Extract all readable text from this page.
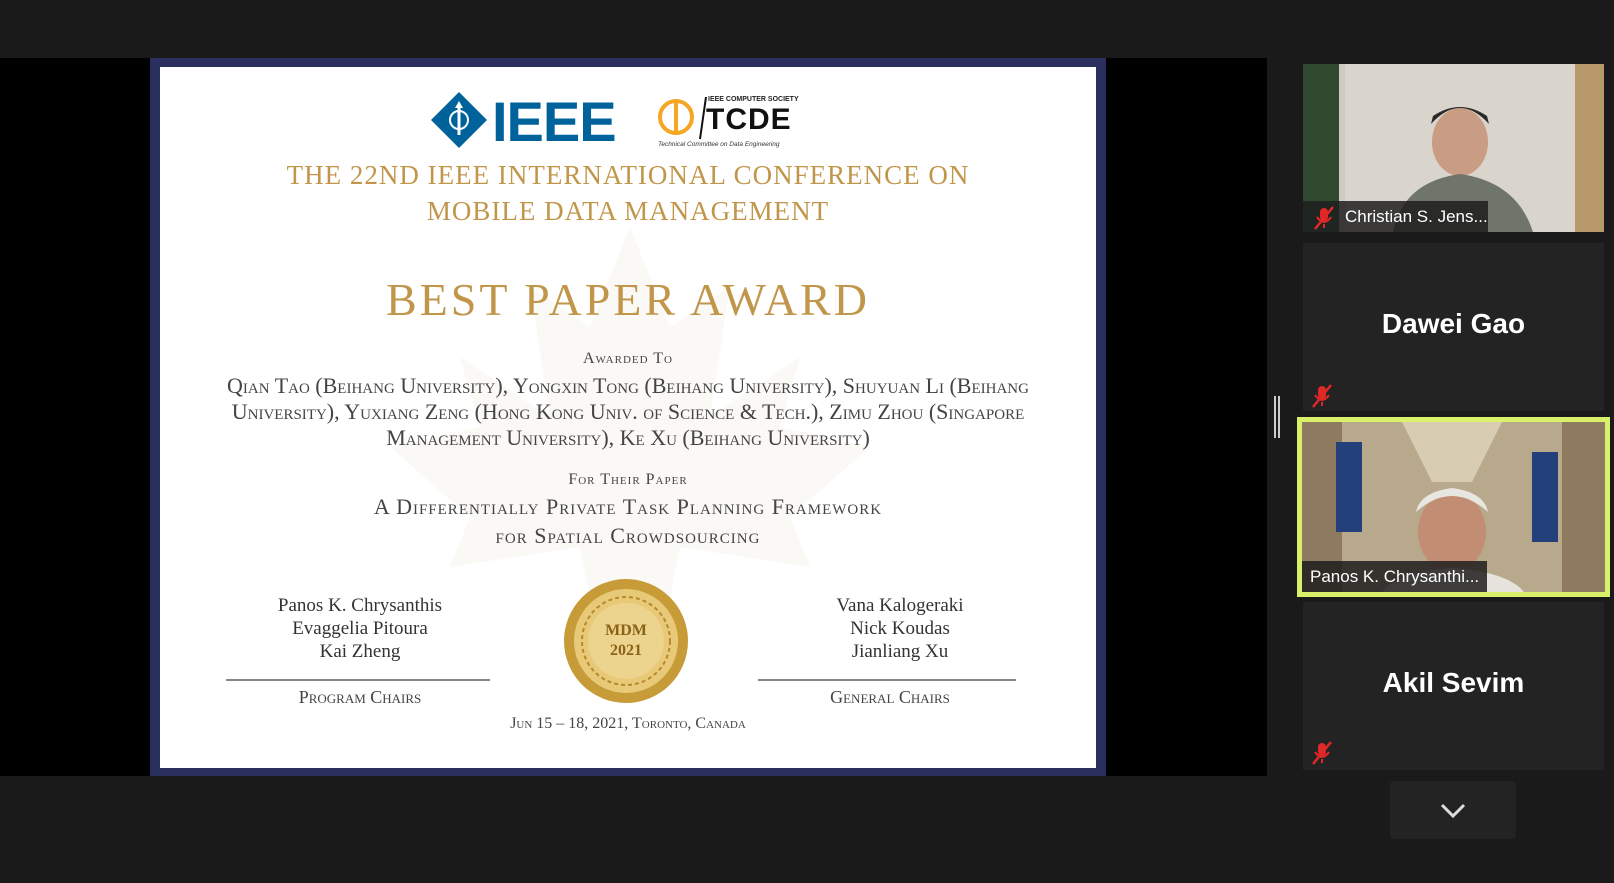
IEEE	IEEE COMPUTER SOCIETY
TCDE
Technical Committee on Data Engineering
THE 22ND IEEE INTERNATIONAL CONFERENCE ON
MOBILE DATA MANAGEMENT
BEST PAPER AWARD
Awarded To
Qian Tao (Beihang University), Yongxin Tong (Beihang University), Shuyuan Li (Beihang University), Yuxiang Zeng (Hong Kong Univ. of Science & Tech.), Zimu Zhou (Singapore Management University), Ke Xu (Beihang University)
For Their Paper
A Differentially Private Task Planning Framework
for Spatial Crowdsourcing
Panos K. Chrysanthis
Evaggelia Pitoura
Kai Zheng
Program Chairs
MDM
2021
Vana Kalogeraki
Nick Koudas
Jianliang Xu
General Chairs
Jun 15 – 18, 2021, Toronto, Canada
Christian S. Jens...
Dawei Gao
Panos K. Chrysanthi...
Akil Sevim
